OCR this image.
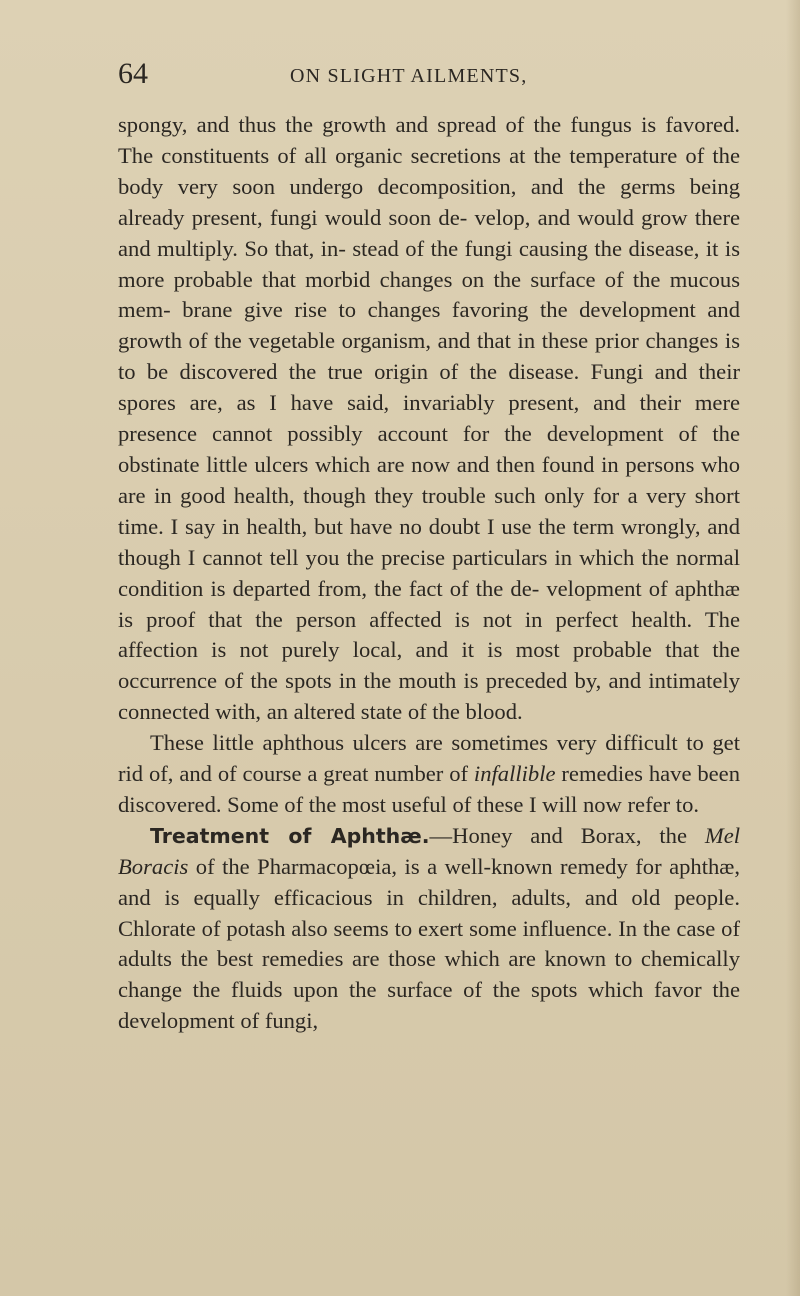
64	ON SLIGHT AILMENTS,

spongy, and thus the growth and spread of the fungus is favored. The constituents of all organic secretions at the temperature of the body very soon undergo decomposition, and the germs being already present, fungi would soon de- velop, and would grow there and multiply. So that, in- stead of the fungi causing the disease, it is more probable that morbid changes on the surface of the mucous mem- brane give rise to changes favoring the development and growth of the vegetable organism, and that in these prior changes is to be discovered the true origin of the disease. Fungi and their spores are, as I have said, invariably present, and their mere presence cannot possibly account for the development of the obstinate little ulcers which are now and then found in persons who are in good health, though they trouble such only for a very short time. I say in health, but have no doubt I use the term wrongly, and though I cannot tell you the precise particulars in which the normal condition is departed from, the fact of the de- velopment of aphthæ is proof that the person affected is not in perfect health. The affection is not purely local, and it is most probable that the occurrence of the spots in the mouth is preceded by, and intimately connected with, an altered state of the blood.

These little aphthous ulcers are sometimes very difficult to get rid of, and of course a great number of infallible remedies have been discovered. Some of the most useful of these I will now refer to.

Treatment of Aphthæ.—Honey and Borax, the Mel Boracis of the Pharmacopœia, is a well-known remedy for aphthæ, and is equally efficacious in children, adults, and old people. Chlorate of potash also seems to exert some influence. In the case of adults the best remedies are those which are known to chemically change the fluids upon the surface of the spots which favor the development of fungi,
